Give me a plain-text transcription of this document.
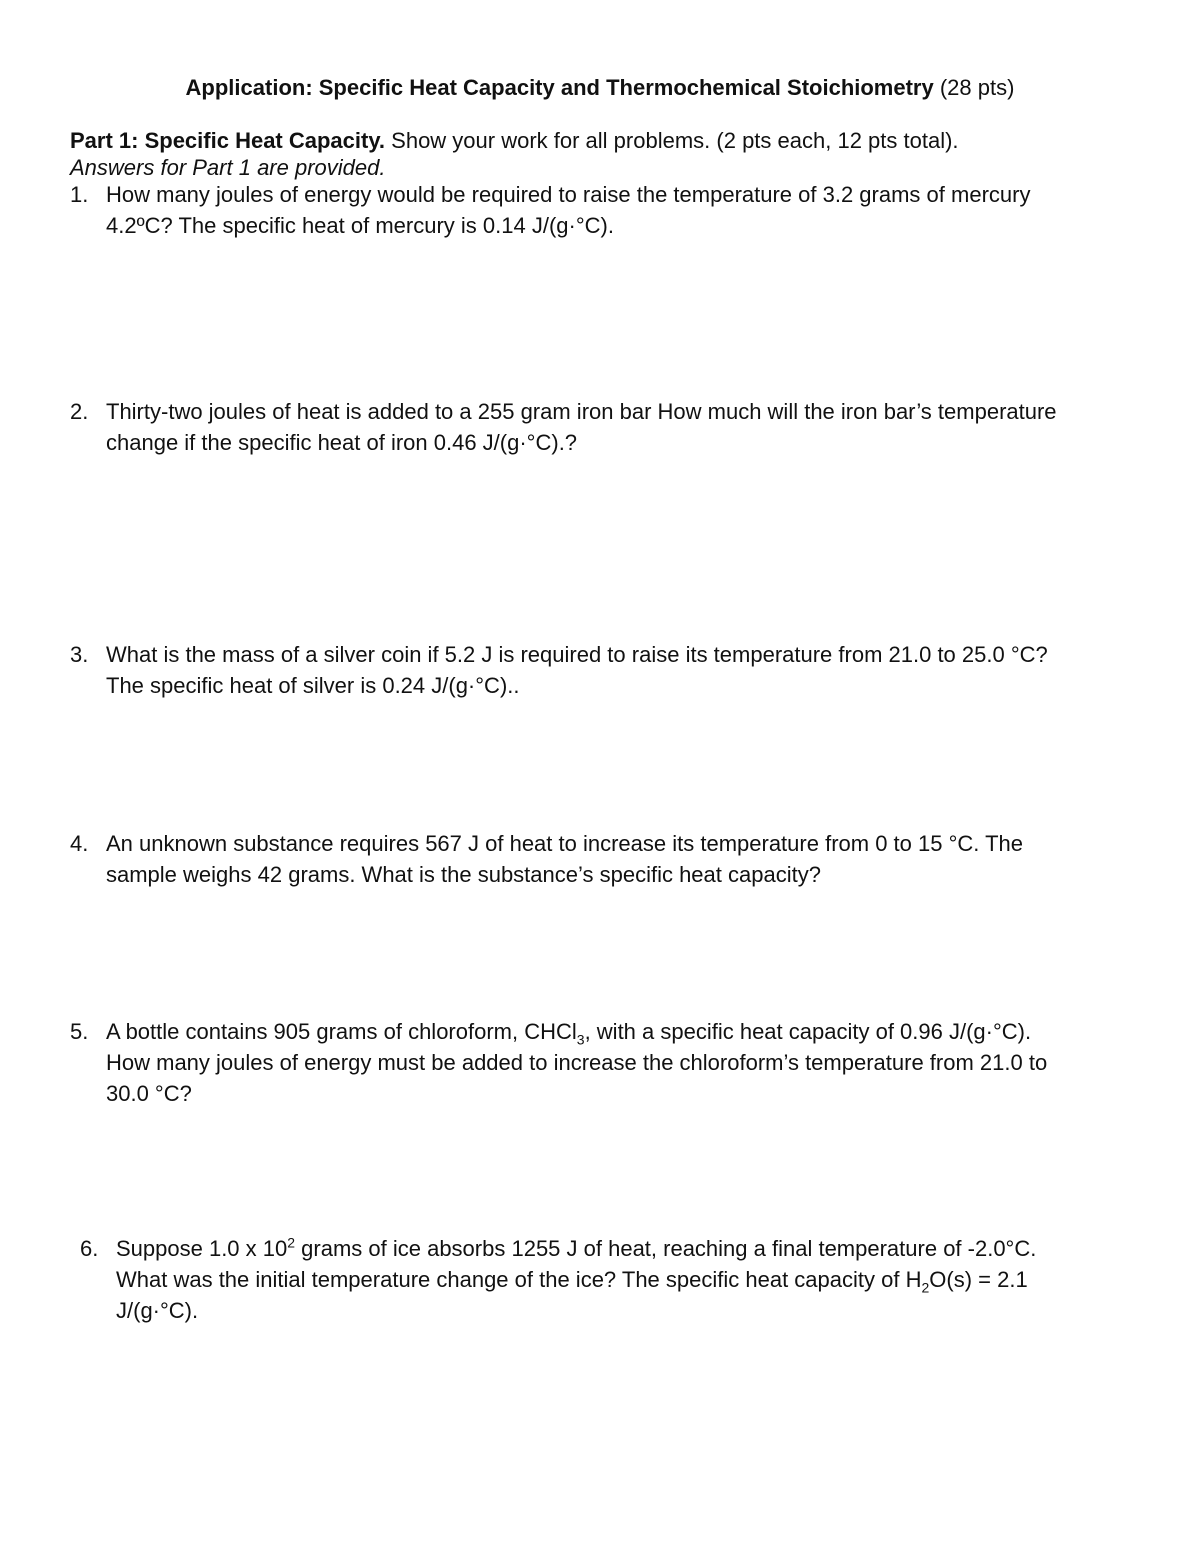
Application: Specific Heat Capacity and Thermochemical Stoichiometry (28 pts)
Part 1: Specific Heat Capacity. Show your work for all problems. (2 pts each, 12 pts total).
Answers for Part 1 are provided.
1. How many joules of energy would be required to raise the temperature of 3.2 grams of mercury
4.2ºC? The specific heat of mercury is 0.14 J/(g·°C).
2. Thirty-two joules of heat is added to a 255 gram iron bar How much will the iron bar’s temperature
change if the specific heat of iron 0.46 J/(g·°C).?
3. What is the mass of a silver coin if 5.2 J is required to raise its temperature from 21.0 to 25.0 °C?
The specific heat of silver is 0.24 J/(g·°C)..
4. An unknown substance requires 567 J of heat to increase its temperature from 0 to 15 °C. The
sample weighs 42 grams. What is the substance’s specific heat capacity?
5. A bottle contains 905 grams of chloroform, CHCl$_3$, with a specific heat capacity of 0.96 J/(g·°C).
How many joules of energy must be added to increase the chloroform’s temperature from 21.0 to
30.0 °C?
6. Suppose 1.0 x $10^2$ grams of ice absorbs 1255 J of heat, reaching a final temperature of -2.0°C.
What was the initial temperature change of the ice? The specific heat capacity of $H_2O(s) = 2.1$
J/(g·°C).
